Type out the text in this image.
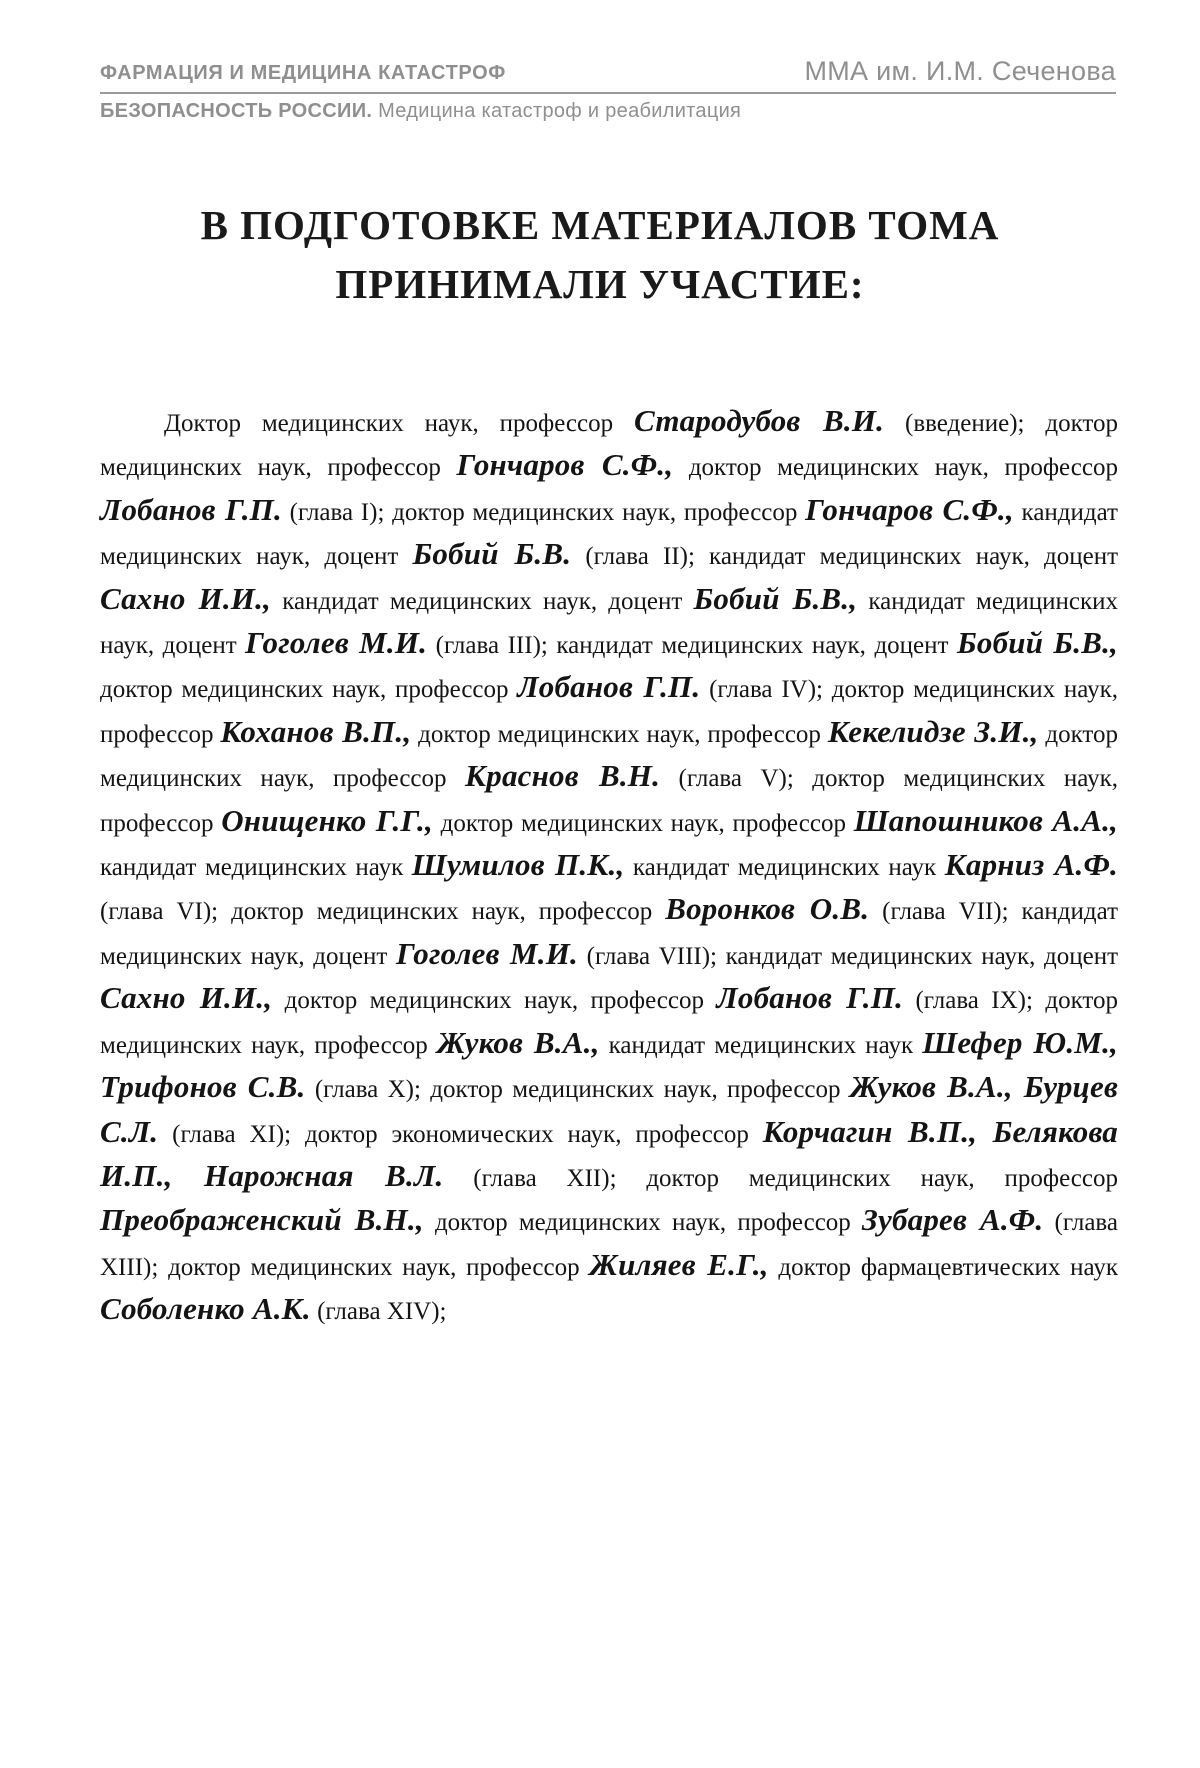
ФАРМАЦИЯ И МЕДИЦИНА КАТАСТРОФ	ММА им. И.М. Сеченова
БЕЗОПАСНОСТЬ РОССИИ. Медицина катастроф и реабилитация
В ПОДГОТОВКЕ МАТЕРИАЛОВ ТОМА
ПРИНИМАЛИ УЧАСТИЕ:

Доктор медицинских наук, профессор Стародубов В.И. (введение); доктор медицинских наук, профессор Гончаров С.Ф., доктор медицинских наук, профессор Лобанов Г.П. (глава I); доктор медицинских наук, профессор Гончаров С.Ф., кандидат медицинских наук, доцент Бобий Б.В. (глава II); кандидат медицинских наук, доцент Сахно И.И., кандидат медицинских наук, доцент Бобий Б.В., кандидат медицинских наук, доцент Гоголев М.И. (глава III); кандидат медицинских наук, доцент Бобий Б.В., доктор медицинских наук, профессор Лобанов Г.П. (глава IV); доктор медицинских наук, профессор Коханов В.П., доктор медицинских наук, профессор Кекелидзе З.И., доктор медицинских наук, профессор Краснов В.Н. (глава V); доктор медицинских наук, профессор Онищенко Г.Г., доктор медицинских наук, профессор Шапошников А.А., кандидат медицинских наук Шумилов П.К., кандидат медицинских наук Карниз А.Ф. (глава VI); доктор медицинских наук, профессор Воронков О.В. (глава VII); кандидат медицинских наук, доцент Гоголев М.И. (глава VIII); кандидат медицинских наук, доцент Сахно И.И., доктор медицинских наук, профессор Лобанов Г.П. (глава IX); доктор медицинских наук, профессор Жуков В.А., кандидат медицинских наук Шефер Ю.М., Трифонов С.В. (глава X); доктор медицинских наук, профессор Жуков В.А., Бурцев С.Л. (глава XI); доктор экономических наук, профессор Корчагин В.П., Белякова И.П., Нарожная В.Л. (глава XII); доктор медицинских наук, профессор Преображенский В.Н., доктор медицинских наук, профессор Зубарев А.Ф. (глава XIII); доктор медицинских наук, профессор Жиляев Е.Г., доктор фармацевтических наук Соболенко А.К. (глава XIV);
